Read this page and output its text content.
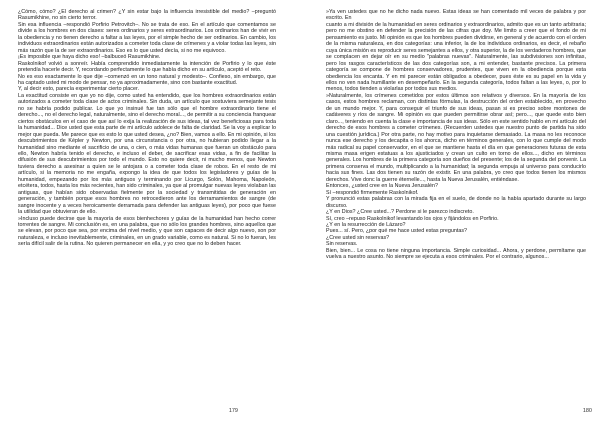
¿Cómo, cómo? ¿El derecho al crimen? ¿Y sin estar bajo la influencia irresistible del medio? –preguntó Rasumikhine, no sin cierto terror.

Sin esa influencia –respondió Porfirio Petrovitch–. No se trata de eso. En el artículo que comentamos se divide a los hombres en dos clases: seres ordinarios y seres extraordinarios. Los ordinarios han de vivir en la obediencia y no tienen derecho a faltar a las leyes, por el simple hecho de ser ordinarios. En cambio, los individuos extraordinarios están autorizados a cometer toda clase de crímenes y a violar todas las leyes, sin más razón que la de ser extraordinarios. Eso es lo que usted decía, si no me equivoco.

¡Es imposible que haya dicho eso! –balbuceó Rasumikhine.

Raskolnikof volvió a sonreír. Había comprendido inmediatamente la intención de Porfirio y lo que éste pretendía hacerle decir. Y, recordando perfectamente lo que había dicho en su artículo, aceptó el reto.

No es eso exactamente lo que dije –comenzó en un tono natural y modesto–. Confieso, sin embargo, que ha captado usted mi modo de pensar, no ya aproximadamente, sino con bastante exactitud.

Y, al decir esto, parecía experimentar cierto placer.

La exactitud consiste en que yo no dije, como usted ha entendido, que los hombres extraordinarios están autorizados a cometer toda clase de actos criminales. Sin duda, un artículo que sostuviera semejante tesis no se habría podido publicar. Lo que yo insinué fue tan sólo que el hombre extraordinario tiene el derecho..., no el derecho legal, naturalmente, sino el derecho moral..., de permitir a su conciencia franquear ciertos obstáculos en el caso de que así lo exija la realización de sus ideas, tal vez beneficiosas para toda la humanidad... Dice usted que esta parte de mi artículo adolece de falta de claridad. Se la voy a explicar lo mejor que pueda. Me parece que es esto lo que usted desea, ¿no? Bien, vamos a ello. En mi opinión, si los descubrimientos de Képler y Newton, por una circunstancia o por otra, no hubieran podido llegar a la humanidad sino mediante el sacrificio de una, o cien, o más vidas humanas que fueran un obstáculo para ello, Newton habría tenido el derecho, e incluso el deber, de sacrificar esas vidas, a fin de facilitar la difusión de sus descubrimientos por todo el mundo. Esto no quiere decir, ni mucho menos, que Newton tuviera derecho a asesinar a quien se le antojara o a cometer toda clase de robos. En el resto de mi artículo, si la memoria no me engaña, expongo la idea de que todos los legisladores y guías de la humanidad, empezando por los más antiguos y terminando por Licurgo, Solón, Mahoma, Napoleón, etcétera, todos, hasta los más recientes, han sido criminales, ya que al promulgar nuevas leyes violaban las antiguas, que habían sido observadas fielmente por la sociedad y transmitidas de generación en generación, y también porque esos hombres no retrocedieron ante los derramamientos de sangre (de sangre inocente y a veces heroicamente derramada para defender las antiguas leyes), por poco que fuese la utilidad que obtuvieran de ello.

»Incluso puede decirse que la mayoría de esos bienhechores y guías de la humanidad han hecho correr torrentes de sangre. Mi conclusión es, en una palabra, que no sólo los grandes hombres, sino aquellos que se elevan, por poco que sea, por encima del nivel medio, y que son capaces de decir algo nuevo, son por naturaleza, e incluso inevitablemente, criminales, en un grado variable, como es natural. Si no lo fueran, les sería difícil salir de la rutina. No quieren permanecer en ella, y yo creo que no lo deben hacer.

179

»Ya ven ustedes que no he dicho nada nuevo. Estas ideas se han comentado mil veces de palabra y por escrito. En

cuanto a mi división de la humanidad en seres ordinarios y extraordinarios, admito que es un tanto arbitraria; pero no me obstino en defender la precisión de las cifras que doy. Me limito a creer que el fondo de mi pensamiento es justo. Mi opinión es que los hombres pueden dividirse, en general y de acuerdo con el orden de la misma naturaleza, en dos categorías: una inferior, la de los individuos ordinarios, es decir, el rebaño cuya única misión es reproducir seres semejantes a ellos, y otra superior, la de los verdaderos hombres, que se complacen en dejar oír en su medio "palabras nuevas". Naturalmente, las subdivisiones son infinitas, pero los rasgos característicos de las dos categorías son, a mi entender, bastante precisos. La primera categoría se compone de hombres conservadores, prudentes, que viven en la obediencia porque esta obediencia los encanta. Y en mi parecer están obligados a obedecer, pues éste es su papel en la vida y ellos no ven nada humillante en desempeñarlo. En la segunda categoría, todos faltan a las leyes, o, por lo menos, todos tienden a violarlas por todos sus medios.

»Naturalmente, los crímenes cometidos por estos últimos son relativos y diversos. En la mayoría de los casos, estos hombres reclaman, con distintas fórmulas, la destrucción del orden establecido, en provecho de un mundo mejor. Y, para conseguir el triunfo de sus ideas, pasan si es preciso sobre montones de cadáveres y ríos de sangre. Mi opinión es que pueden permitirse obrar así; pero..., que quede esto bien claro..., teniendo en cuenta la clase e importancia de sus ideas. Sólo en este sentido hablo en mi artículo del derecho de esos hombres a cometer crímenes. (Recuerden ustedes que nuestro punto de partida ha sido una cuestión jurídica.) Por otra parte, no hay motivo para inquietarse demasiado. La masa no les reconoce nunca ese derecho y los decapita o los ahorca, dicho en términos generales, con lo que cumple del modo más radical su papel conservador, en el que se mantiene hasta el día en que generaciones futuras de esta misma masa erigen estatuas a los ajusticiados y crean un culto en torno de ellos..., dicho en términos generales. Los hombres de la primera categoría son dueños del presente; los de la segunda del porvenir. La primera conserva el mundo, multiplicando a la humanidad; la segunda empuja al universo para conducirlo hacia sus fines. Las dos tienen su razón de existir. En una palabra, yo creo que todos tienen los mismos derechos. Vive donc la guerre éternelle..., hasta la Nueva Jerusalén, entiéndase.

Entonces, ¿usted cree en la Nueva Jerusalén?

Sí –respondió firmemente Raskolnikof.

Y pronunció estas palabras con la mirada fija en el suelo, de donde no la había apartado durante su largo discurso.

¿Y en Dios? ¿Cree usted...? Perdone si le parezco indiscreto.

Sí, creo –repuso Raskolnikof levantando los ojos y fijándolos en Porfirio.

¿Y en la resurrección de Lázaro?

Pues... sí. Pero, ¿por qué me hace usted estas preguntas?

¿Cree usted sin reservas?

Sin reservas.

Bien, bien... Le cosa no tiene ninguna importancia. Simple curiosidad... Ahora, y perdone, permítame que vuelva a nuestro asunto. No siempre se ejecuta a esos criminales. Por el contrario, algunos...

180
